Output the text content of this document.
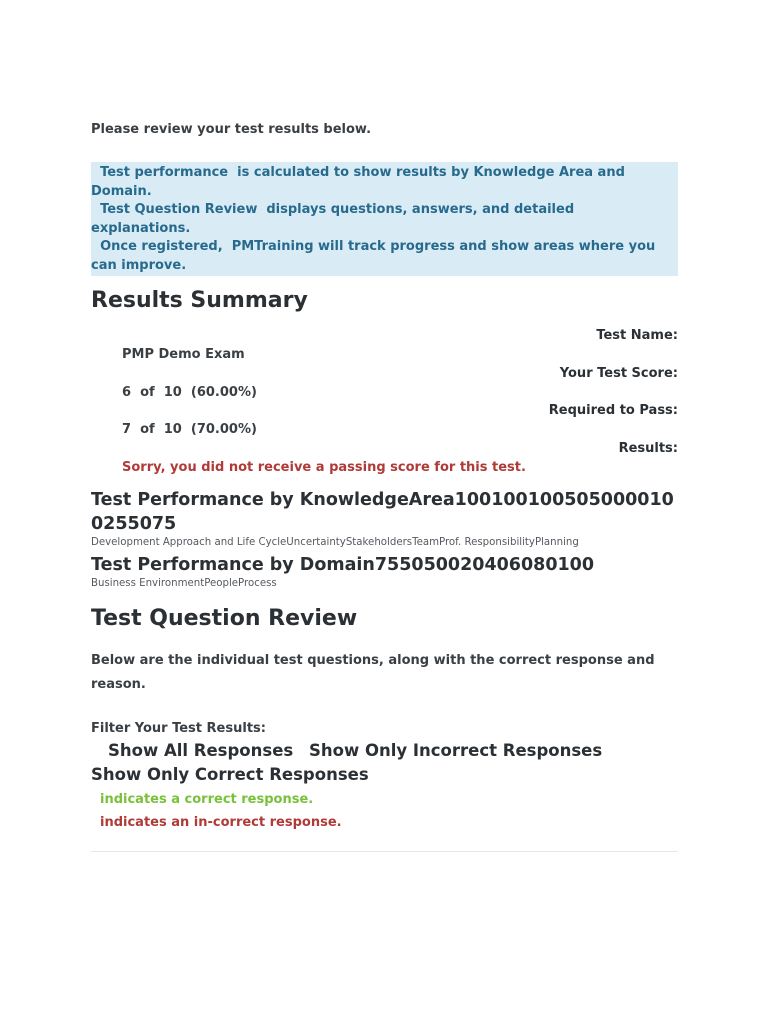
Please review your test results below.

Test performance  is calculated to show results by Knowledge Area and Domain.

Test Question Review  displays questions, answers, and detailed explanations.

Once registered,  PMTraining will track progress and show areas where you can improve.

Results Summary
Test Name:
PMP Demo Exam
Your Test Score:
6  of  10  (60.00%)
Required to Pass:
7  of  10  (70.00%)
Results:
Sorry, you did not receive a passing score for this test.
Test Performance by KnowledgeArea1001001005050000100255075
Development Approach and Life CycleUncertaintyStakeholdersTeamProf. ResponsibilityPlanning
Test Performance by Domain755050020406080100
Business EnvironmentPeopleProcess
Test Question Review

Below are the individual test questions, along with the correct response and reason.

Filter Your Test Results:
Show All Responses Show Only Incorrect Responses
Show Only Correct Responses
indicates a correct response.
indicates an in-correct response.
